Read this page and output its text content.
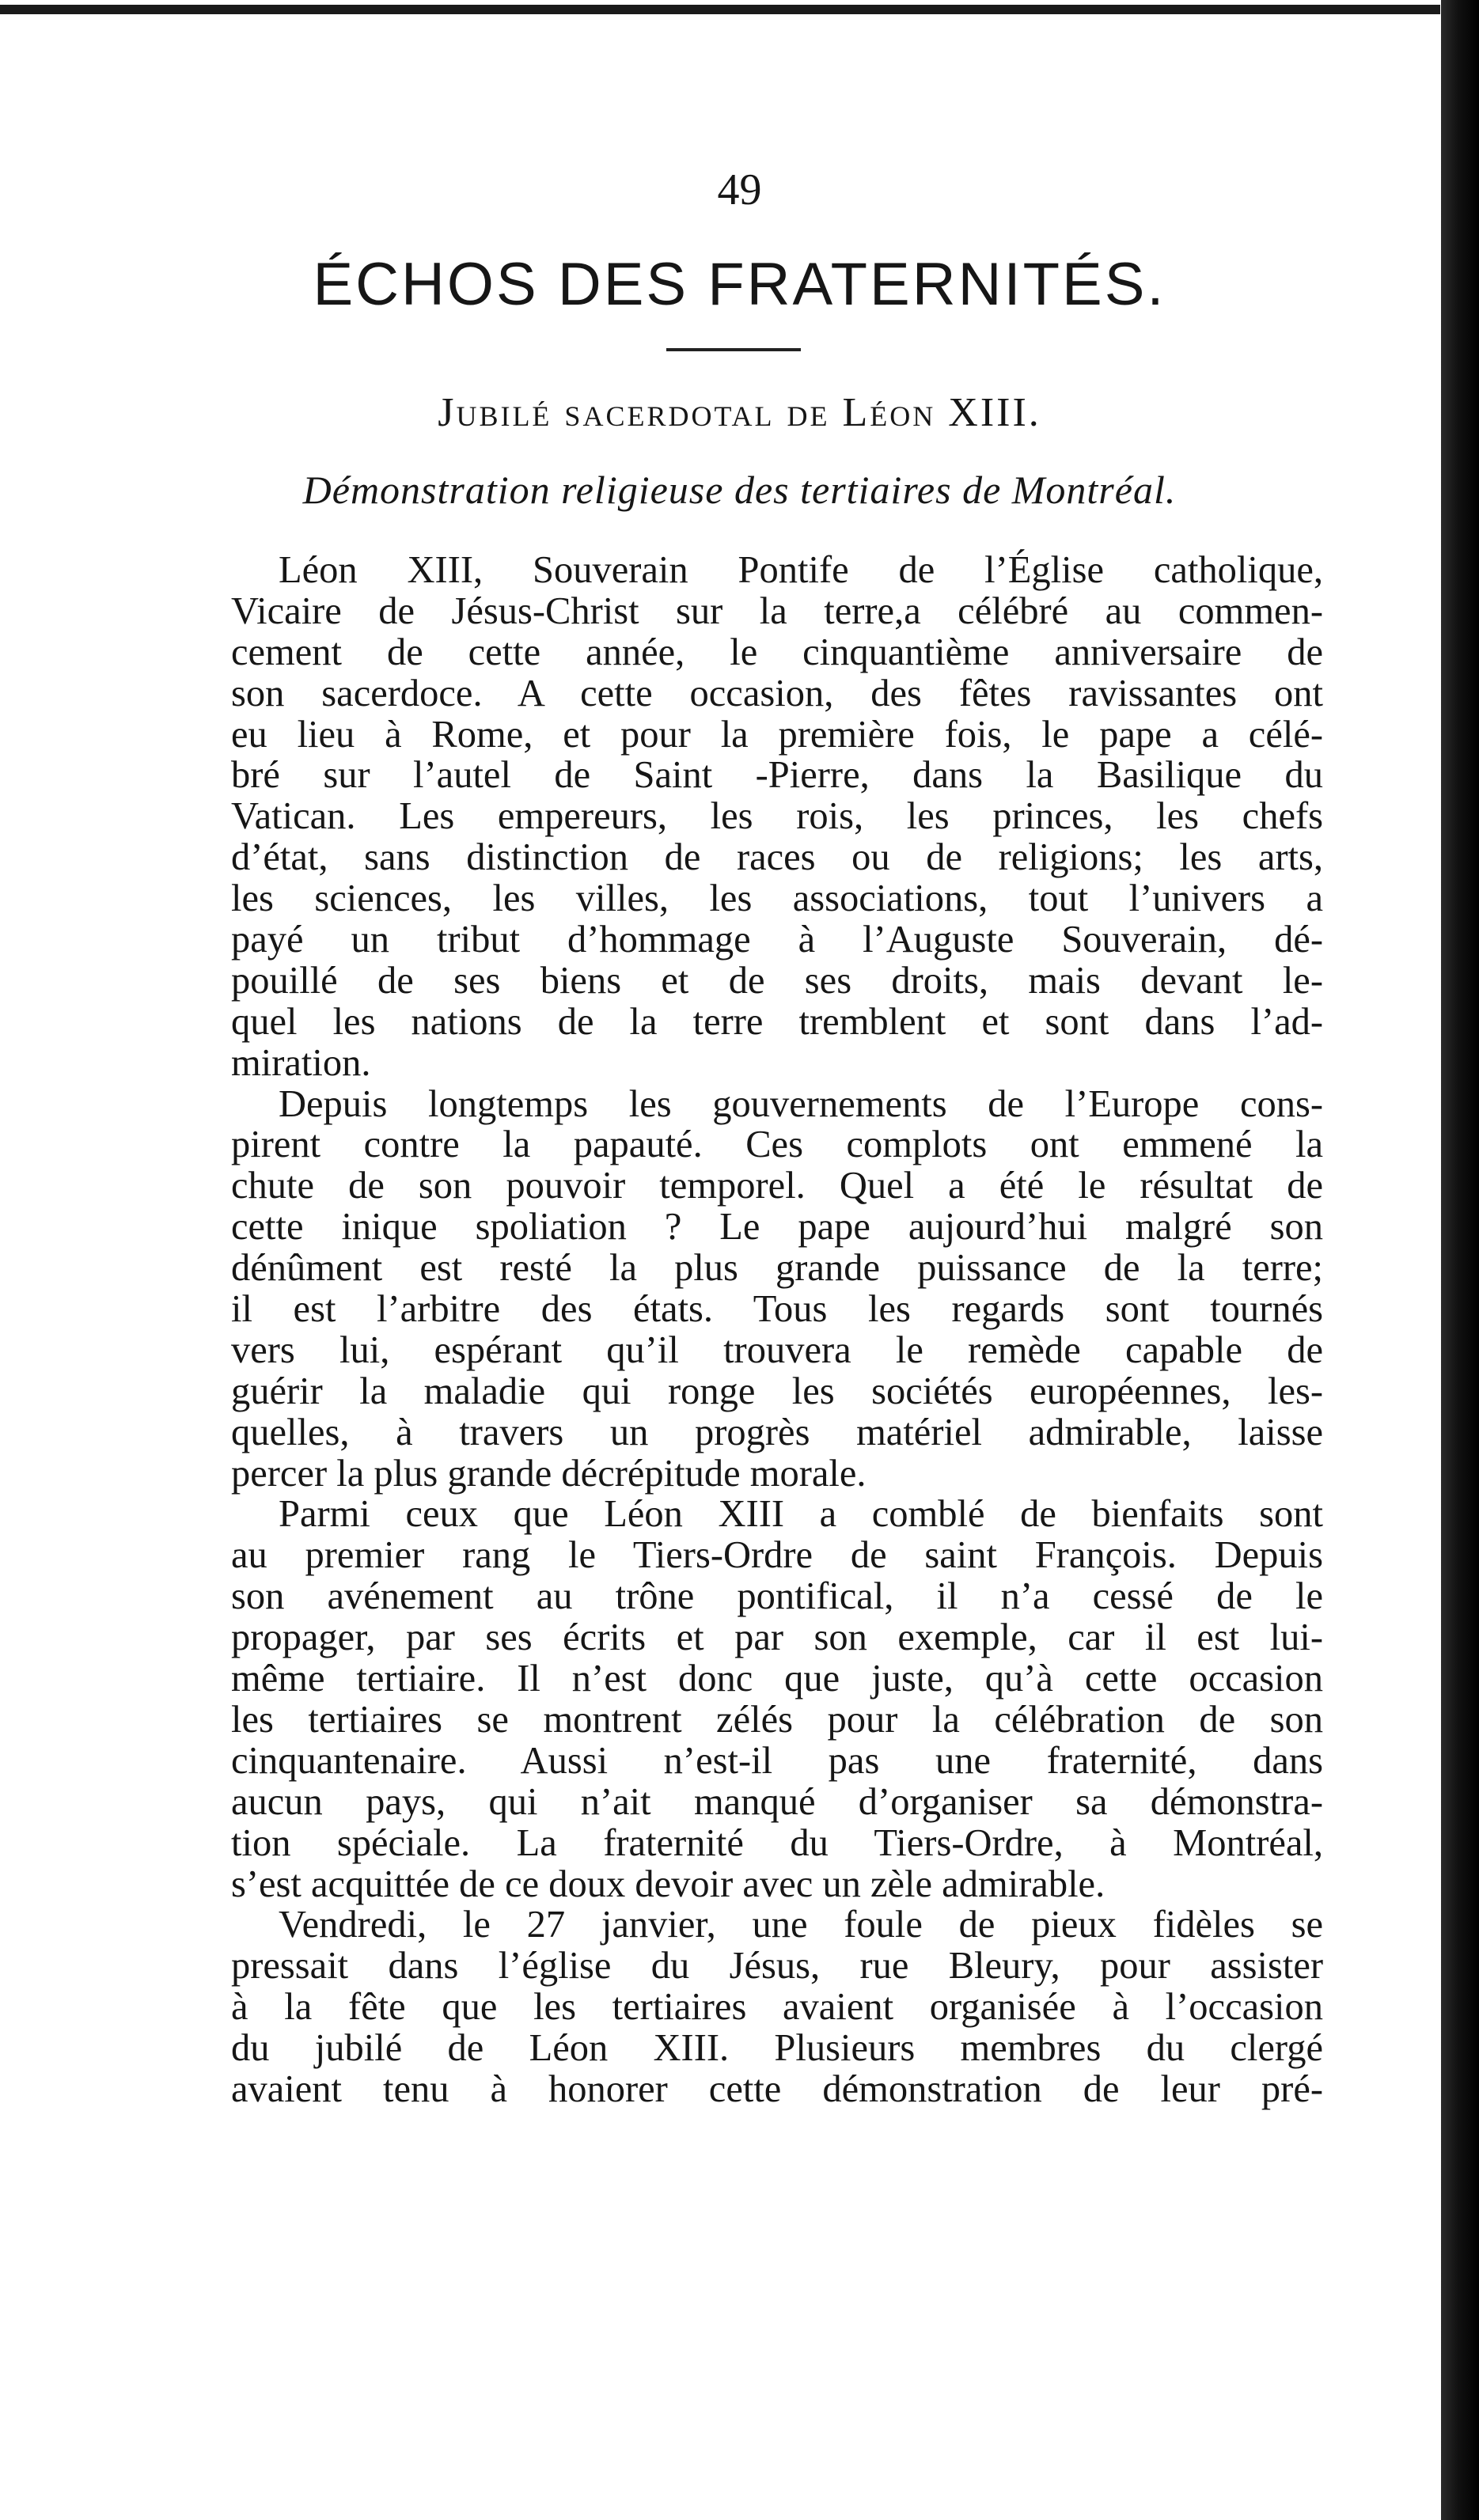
49
ÉCHOS DES FRATERNITÉS.
Jubilé sacerdotal de Léon XIII.
Démonstration religieuse des tertiaires de Montréal.
Léon XIII, Souverain Pontife de l’Église catholique,
Vicaire de Jésus-Christ sur la terre,a célébré au commen-
cement de cette année, le cinquantième anniversaire de
son sacerdoce. A cette occasion, des fêtes ravissantes ont
eu lieu à Rome, et pour la première fois, le pape a célé-
bré sur l’autel de Saint -Pierre, dans la Basilique du
Vatican. Les empereurs, les rois, les princes, les chefs
d’état, sans distinction de races ou de religions; les arts,
les sciences, les villes, les associations, tout l’univers a
payé un tribut d’hommage à l’Auguste Souverain, dé-
pouillé de ses biens et de ses droits, mais devant le-
quel les nations de la terre tremblent et sont dans l’ad-
miration.
Depuis longtemps les gouvernements de l’Europe cons-
pirent contre la papauté. Ces complots ont emmené la
chute de son pouvoir temporel. Quel a été le résultat de
cette inique spoliation ? Le pape aujourd’hui malgré son
dénûment est resté la plus grande puissance de la terre;
il est l’arbitre des états. Tous les regards sont tournés
vers lui, espérant qu’il trouvera le remède capable de
guérir la maladie qui ronge les sociétés européennes, les-
quelles, à travers un progrès matériel admirable, laisse
percer la plus grande décrépitude morale.
Parmi ceux que Léon XIII a comblé de bienfaits sont
au premier rang le Tiers-Ordre de saint François. Depuis
son avénement au trône pontifical, il n’a cessé de le
propager, par ses écrits et par son exemple, car il est lui-
même tertiaire. Il n’est donc que juste, qu’à cette occasion
les tertiaires se montrent zélés pour la célébration de son
cinquantenaire. Aussi n’est-il pas une fraternité, dans
aucun pays, qui n’ait manqué d’organiser sa démonstra-
tion spéciale. La fraternité du Tiers-Ordre, à Montréal,
s’est acquittée de ce doux devoir avec un zèle admirable.
Vendredi, le 27 janvier, une foule de pieux fidèles se
pressait dans l’église du Jésus, rue Bleury, pour assister
à la fête que les tertiaires avaient organisée à l’occasion
du jubilé de Léon XIII. Plusieurs membres du clergé
avaient tenu à honorer cette démonstration de leur pré-
